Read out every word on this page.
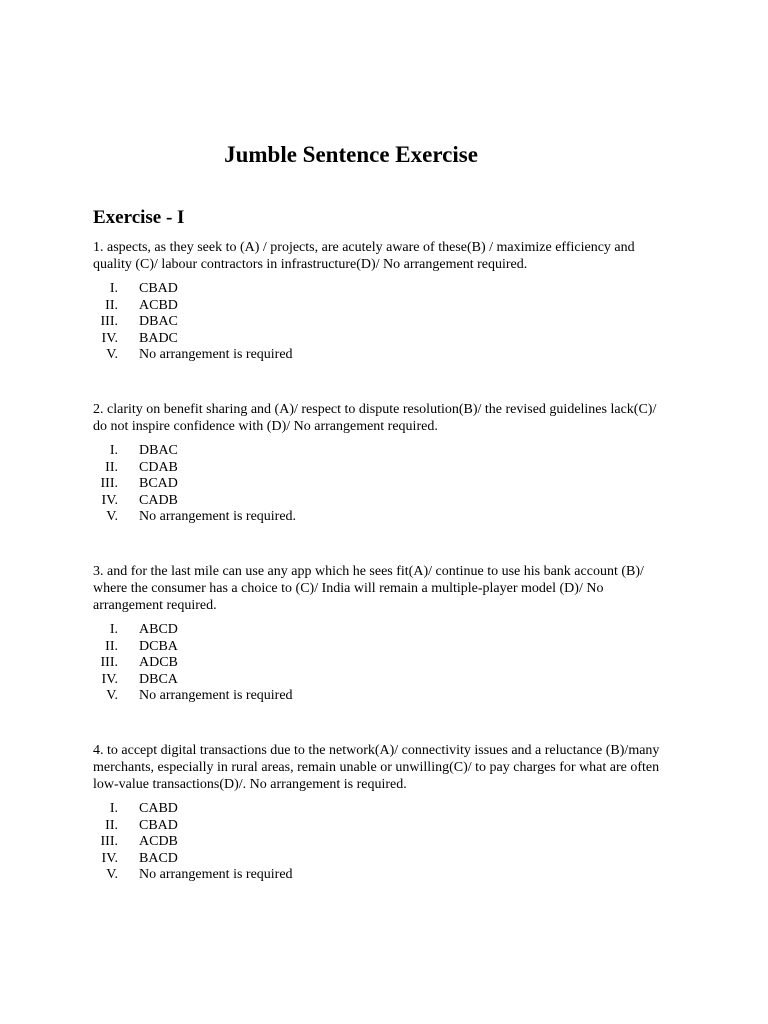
Jumble Sentence Exercise
Exercise - I

1. aspects, as they seek to (A) / projects, are acutely aware of these(B) / maximize efficiency and quality (C)/ labour contractors in infrastructure(D)/ No arrangement required.

I. CBAD
II. ACBD
III. DBAC
IV. BADC
V. No arrangement is required

2. clarity on benefit sharing and (A)/ respect to dispute resolution(B)/ the revised guidelines lack(C)/ do not inspire confidence with (D)/ No arrangement required.

I. DBAC
II. CDAB
III. BCAD
IV. CADB
V. No arrangement is required.

3. and for the last mile can use any app which he sees fit(A)/ continue to use his bank account (B)/ where the consumer has a choice to (C)/ India will remain a multiple-player model (D)/ No arrangement required.

I. ABCD
II. DCBA
III. ADCB
IV. DBCA
V. No arrangement is required

4. to accept digital transactions due to the network(A)/ connectivity issues and a reluctance (B)/many merchants, especially in rural areas, remain unable or unwilling(C)/ to pay charges for what are often low-value transactions(D)/. No arrangement is required.

I. CABD
II. CBAD
III. ACDB
IV. BACD
V. No arrangement is required
